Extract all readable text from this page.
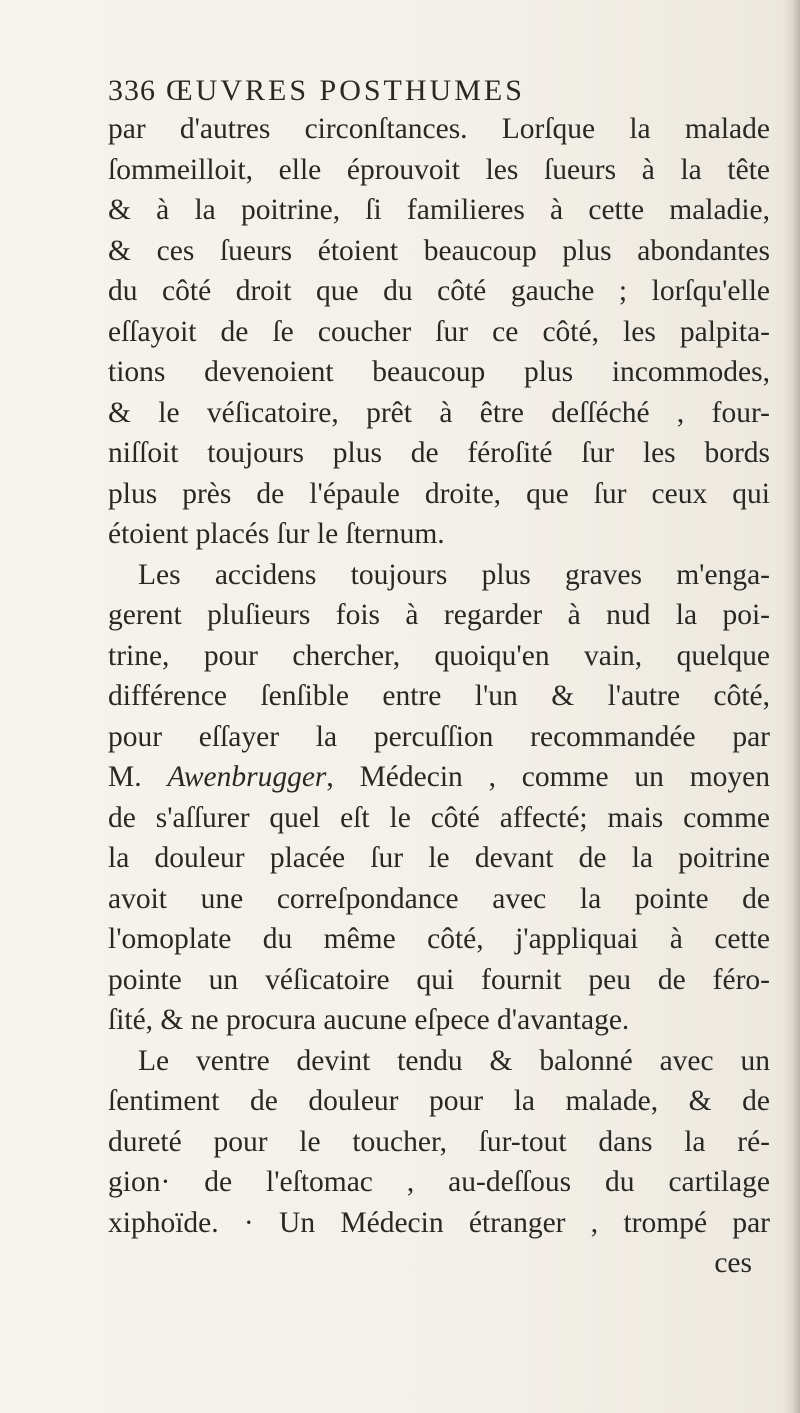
336 ŒUVRES POSTHUMES
par d'autres circonſtances. Lorſque la malade
ſommeilloit, elle éprouvoit les ſueurs à la tête
& à la poitrine, ſi familieres à cette maladie,
& ces ſueurs étoient beaucoup plus abondantes
du côté droit que du côté gauche ; lorſqu'elle
eſſayoit de ſe coucher ſur ce côté, les palpita-
tions devenoient beaucoup plus incommodes,
& le véſicatoire, prêt à être deſſéché , four-
niſſoit toujours plus de féroſité ſur les bords
plus près de l'épaule droite, que ſur ceux qui
étoient placés ſur le ſternum.
Les accidens toujours plus graves m'enga-
gerent pluſieurs fois à regarder à nud la poi-
trine, pour chercher, quoiqu'en vain, quelque
différence ſenſible entre l'un & l'autre côté,
pour eſſayer la percuſſion recommandée par
M. Awenbrugger, Médecin , comme un moyen
de s'aſſurer quel eſt le côté affecté; mais comme
la douleur placée ſur le devant de la poitrine
avoit une correſpondance avec la pointe de
l'omoplate du même côté, j'appliquai à cette
pointe un véſicatoire qui fournit peu de féro-
ſité, & ne procura aucune eſpece d'avantage.
Le ventre devint tendu & balonné avec un
ſentiment de douleur pour la malade, & de
dureté pour le toucher, ſur-tout dans la ré-
gion· de l'eſtomac , au-deſſous du cartilage
xiphoïde. · Un Médecin étranger , trompé par
ces
